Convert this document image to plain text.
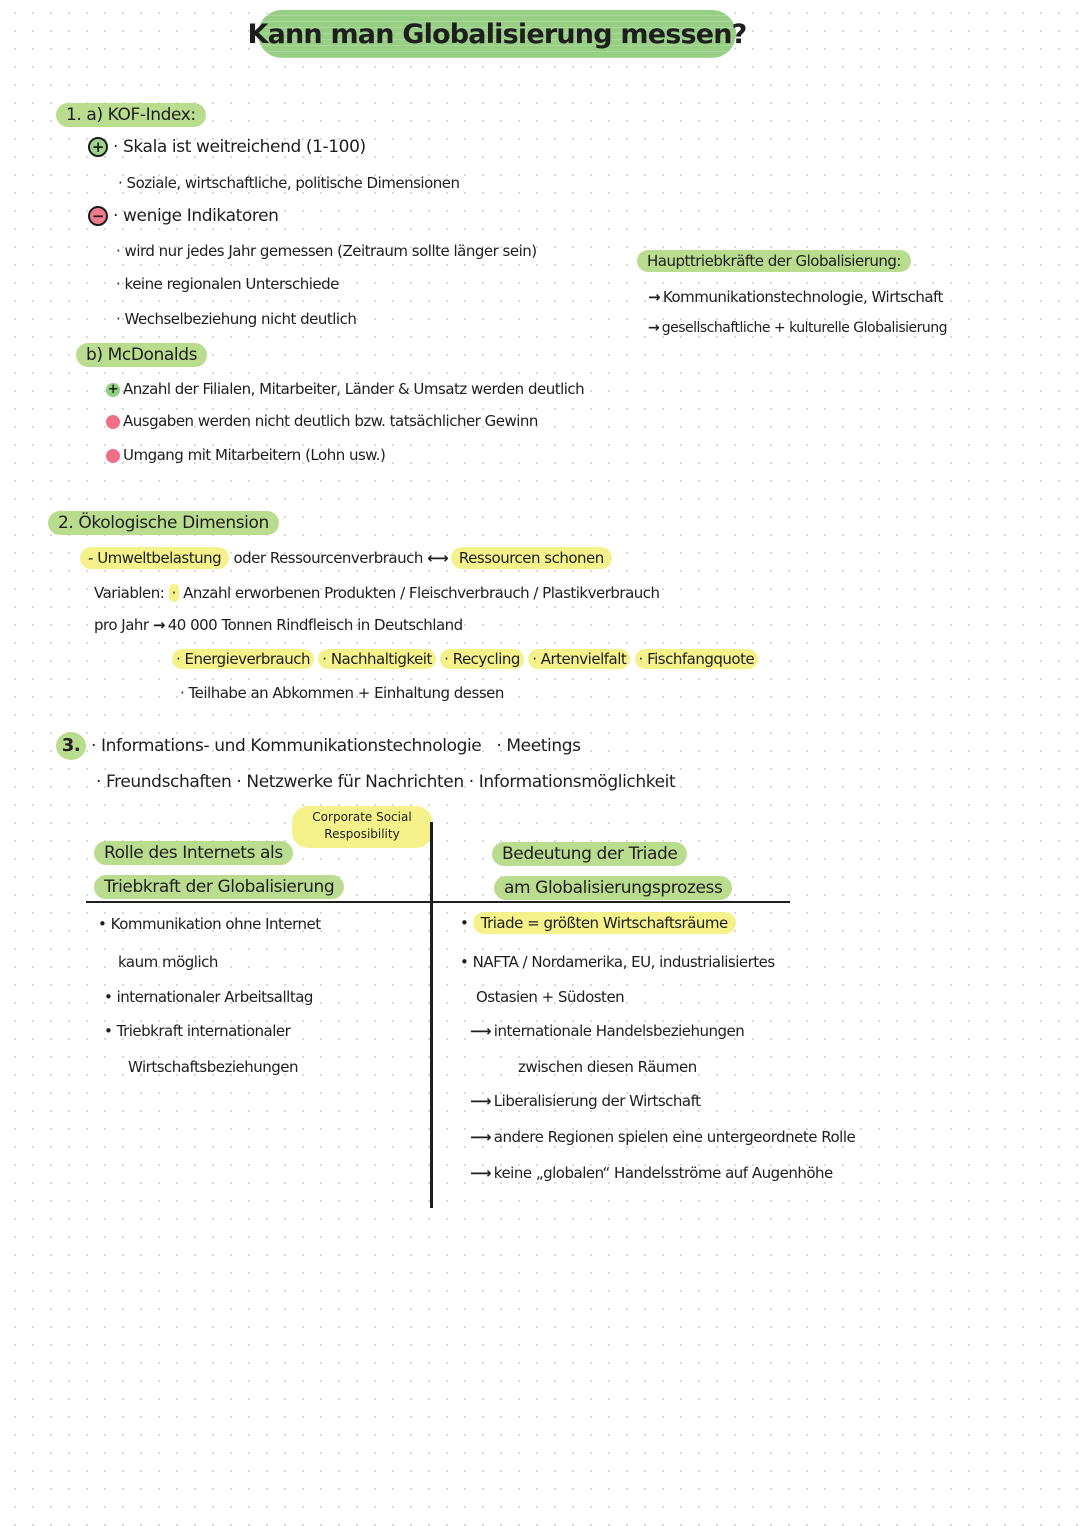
Kann man Globalisierung messen?
1. a) KOF-Index:
+ · Skala ist weitreichend (1-100)
· Soziale, wirtschaftliche, politische Dimensionen
− · wenige Indikatoren
· wird nur jedes Jahr gemessen (Zeitraum sollte länger sein)
· keine regionalen Unterschiede
· Wechselbeziehung nicht deutlich
Haupttriebkräfte der Globalisierung:
→ Kommunikationstechnologie, Wirtschaft
→ gesellschaftliche + kulturelle Globalisierung
b) McDonalds
+ Anzahl der Filialen, Mitarbeiter, Länder & Umsatz werden deutlich
− Ausgaben werden nicht deutlich bzw. tatsächlicher Gewinn
− Umgang mit Mitarbeitern (Lohn usw.)
2. Ökologische Dimension
- Umweltbelastung oder Ressourcenverbrauch ⟷ Ressourcen schonen
Variablen: · Anzahl erworbenen Produkten / Fleischverbrauch / Plastikverbrauch
pro Jahr → 40 000 Tonnen Rindfleisch in Deutschland
· Energieverbrauch · Nachhaltigkeit · Recycling · Artenvielfalt · Fischfangquote
· Teilhabe an Abkommen + Einhaltung dessen
3. · Informations- und Kommunikationstechnologie   · Meetings
· Freundschaften · Netzwerke für Nachrichten · Informationsmöglichkeit
Corporate Social
Resposibility
Rolle des Internets als
Triebkraft der Globalisierung
• Kommunikation ohne Internet
kaum möglich
• internationaler Arbeitsalltag
• Triebkraft internationaler
Wirtschaftsbeziehungen
Bedeutung der Triade
am Globalisierungsprozess
• Triade = größten Wirtschaftsräume
• NAFTA / Nordamerika, EU, industrialisiertes
Ostasien + Südosten
⟶ internationale Handelsbeziehungen
zwischen diesen Räumen
⟶ Liberalisierung der Wirtschaft
⟶ andere Regionen spielen eine untergeordnete Rolle
⟶ keine „globalen“ Handelsströme auf Augenhöhe
